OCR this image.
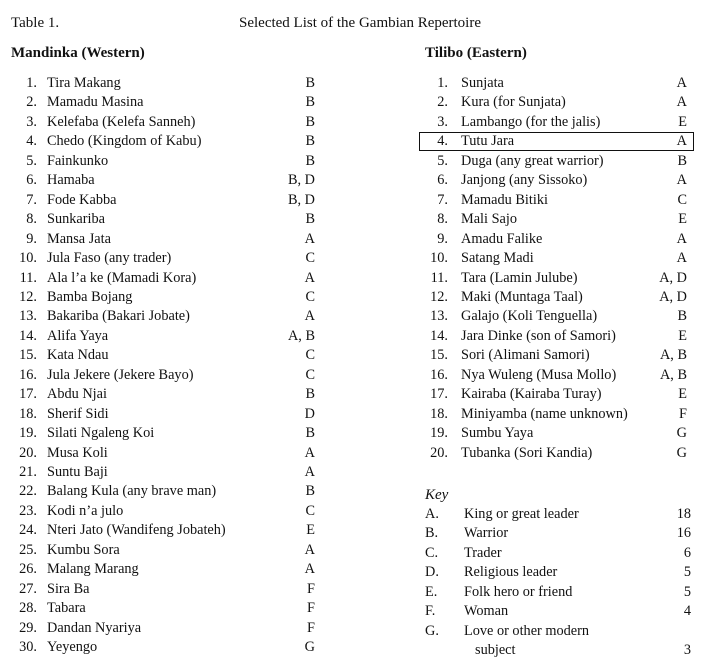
Table 1.	Selected List of the Gambian Repertoire
Mandinka (Western)	Tilibo (Eastern)
1. Tira Makang	B
2. Mamadu Masina	B
3. Kelefaba (Kelefa Sanneh)	B
4. Chedo (Kingdom of Kabu)	B
5. Fainkunko	B
6. Hamaba	B, D
7. Fode Kabba	B, D
8. Sunkariba	B
9. Mansa Jata	A
10. Jula Faso (any trader)	C
11. Ala l’a ke (Mamadi Kora)	A
12. Bamba Bojang	C
13. Bakariba (Bakari Jobate)	A
14. Alifa Yaya	A, B
15. Kata Ndau	C
16. Jula Jekere (Jekere Bayo)	C
17. Abdu Njai	B
18. Sherif Sidi	D
19. Silati Ngaleng Koi	B
20. Musa Koli	A
21. Suntu Baji	A
22. Balang Kula (any brave man)	B
23. Kodi n’a julo	C
24. Nteri Jato (Wandifeng Jobateh)	E
25. Kumbu Sora	A
26. Malang Marang	A
27. Sira Ba	F
28. Tabara	F
29. Dandan Nyariya	F
30. Yeyengo	G
1. Sunjata	A
2. Kura (for Sunjata)	A
3. Lambango (for the jalis)	E
4. Tutu Jara	A
5. Duga (any great warrior)	B
6. Janjong (any Sissoko)	A
7. Mamadu Bitiki	C
8. Mali Sajo	E
9. Amadu Falike	A
10. Satang Madi	A
11. Tara (Lamin Julube)	A, D
12. Maki (Muntaga Taal)	A, D
13. Galajo (Koli Tenguella)	B
14. Jara Dinke (son of Samori)	E
15. Sori (Alimani Samori)	A, B
16. Nya Wuleng (Musa Mollo)	A, B
17. Kairaba (Kairaba Turay)	E
18. Miniyamba (name unknown)	F
19. Sumbu Yaya	G
20. Tubanka (Sori Kandia)	G
Key
A. King or great leader	18
B. Warrior	16
C. Trader	6
D. Religious leader	5
E. Folk hero or friend	5
F. Woman	4
G. Love or other modern
subject	3
